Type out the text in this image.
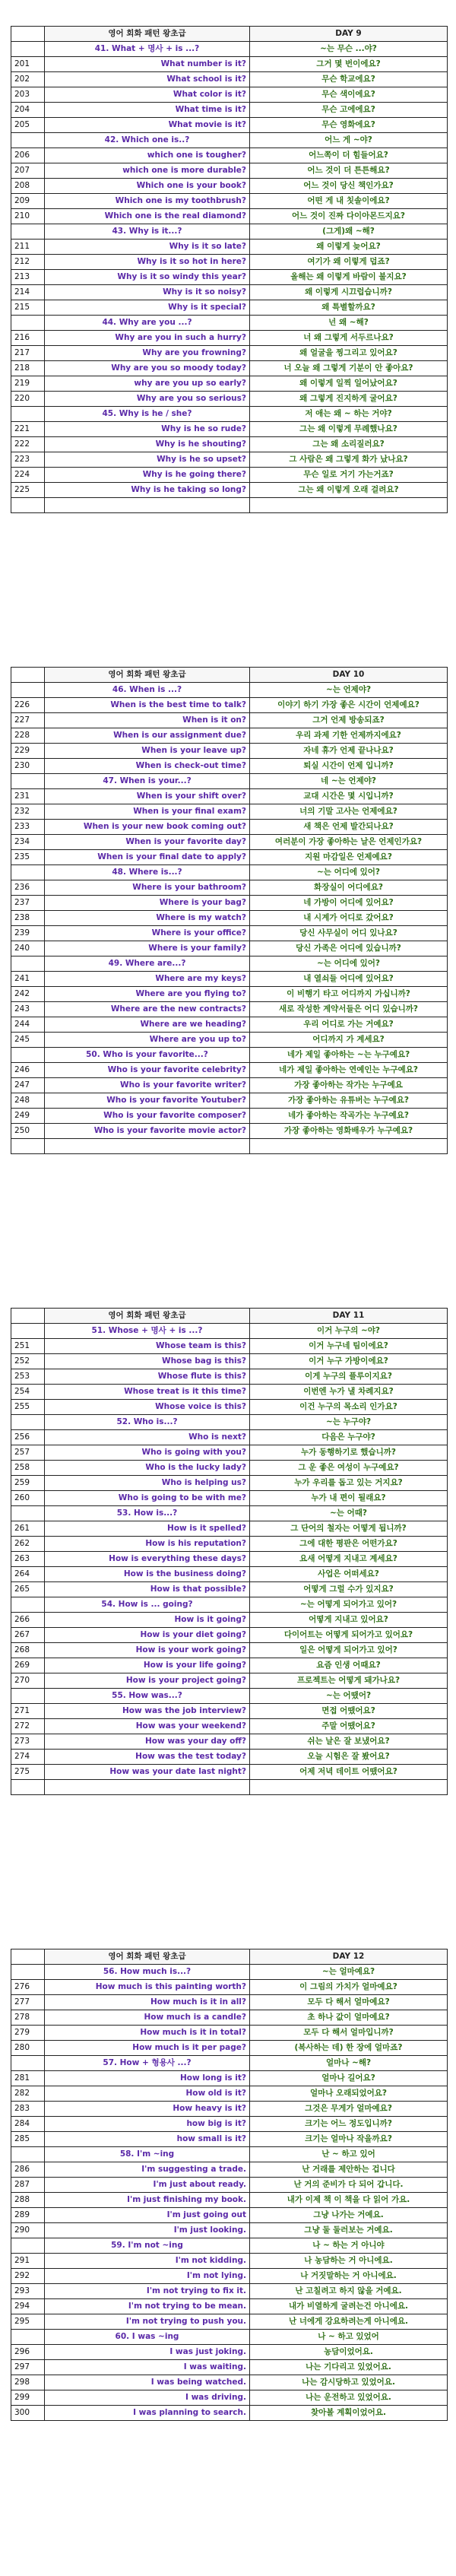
	영어 회화 패턴 왕초급	DAY 9
	41. What + 명사 + is ...?	~는 무슨 ...야?
201	What number is it?	그거 몇 번이에요?
202	What school is it?	무슨 학교에요?
203	What color is it?	무슨 색이에요?
204	What time is it?	무슨 고에에요?
205	What movie is it?	무슨 영화에요?
	42. Which one is..?	어느 게 ~야?
206	which one is tougher?	어느쪽이 더 힘들어요?
207	which one is more durable?	어느 것이 더 튼튼해요?
208	Which one is your book?	어느 것이 당신 책인가요?
209	Which one is my toothbrush?	어떤 게 내 칫솔이에요?
210	Which one is the real diamond?	어느 것이 진짜 다이아몬드지요?
	43. Why is it...?	(그게)왜 ~해?
211	Why is it so late?	왜 이렇게 늦어요?
212	Why is it so hot in here?	여기가 왜 이렇게 덥죠?
213	Why is it so windy this year?	올해는 왜 이렇게 바람이 불지요?
214	Why is it so noisy?	왜 이렇게 시끄럽습니까?
215	Why is it special?	왜 특별할까요?
	44. Why are you ...?	넌 왜 ~해?
216	Why are you in such a hurry?	너 왜 그렇게 서두르나요?
217	Why are you frowning?	왜 얼굴을 찡그리고 있어요?
218	Why are you so moody today?	너 오늘 왜 그렇게 기분이 안 좋아요?
219	why are you up so early?	왜 이렇게 일찍 일어났어요?
220	Why are you so serious?	왜 그렇게 진지하게 굴어요?
	45. Why is he / she?	저 애는 왜 ~ 하는 거야?
221	Why is he so rude?	그는 왜 이렇게 무례했나요?
222	Why is he shouting?	그는 왜 소리질러요?
223	Why is he so upset?	그 사람은 왜 그렇게 화가 났나요?
224	Why is he going there?	무슨 일로 거기 가는거죠?
225	Why is he taking so long?	그는 왜 이렇게 오래 걸려요?

	영어 회화 패턴 왕초급	DAY 10
	46. When is ...?	~는 언제야?
226	When is the best time to talk?	이야기 하기 가장 좋은 시간이 언제예요?
227	When is it on?	그거 언제 방송되죠?
228	When is our assignment due?	우리 과제 기한 언제까지에요?
229	When is your leave up?	자네 휴가 언제 끝나나요?
230	When is check-out time?	퇴실 시간이 언제 입니까?
	47. When is your...?	네 ~는 언제야?
231	When is your shift over?	교대 시간은 몇 시입니까?
232	When is your final exam?	너의 기말 고사는 언제에요?
233	When is your new book coming out?	새 책은 언제 발간되나요?
234	When is your favorite day?	여러분이 가장 좋아하는 날은 언제인가요?
235	When is your final date to apply?	지원 마감일은 언제예요?
	48. Where is...?	~는 어디에 있어?
236	Where is your bathroom?	화장실이 어디에요?
237	Where is your bag?	네 가방이 어디에 있어요?
238	Where is my watch?	내 시계가 어디로 갔어요?
239	Where is your office?	당신 사무실이 어디 있나요?
240	Where is your family?	당신 가족은 어디에 있습니까?
	49. Where are...?	~는 어디에 있어?
241	Where are my keys?	내 열쇠들 어디에 있어요?
242	Where are you flying to?	이 비행기 타고 어디까지 가십니까?
243	Where are the new contracts?	새로 작성한 계약서들은 어디 있습니까?
244	Where are we heading?	우리 어디로 가는 거예요?
245	Where are you up to?	어디까지 가 계세요?
	50. Who is your favorite...?	네가 제일 좋아하는 ~는 누구예요?
246	Who is your favorite celebrity?	네가 제일 좋아하는 연예인는 누구예요?
247	Who is your favorite writer?	가장 좋아하는 작가는 누구예요
248	Who is your favorite Youtuber?	가장 좋아하는 유튜버는 누구예요?
249	Who is your favorite composer?	네가 좋아하는 작곡가는 누구예요?
250	Who is your favorite movie actor?	가장 좋아하는 영화배우가 누구예요?

	영어 회화 패턴 왕초급	DAY 11
	51. Whose + 명사 + is ...?	이거 누구의 ~야?
251	Whose team is this?	이거 누구네 팀이에요?
252	Whose bag is this?	이거 누구 가방이에요?
253	Whose flute is this?	이게 누구의 플루이지요?
254	Whose treat is it this time?	이번엔 누가 낼 차례지요?
255	Whose voice is this?	이건 누구의 목소리 인가요?
	52. Who is...?	~는 누구야?
256	Who is next?	다음은 누구야?
257	Who is going with you?	누가 동행하기로 했습니까?
258	Who is the lucky lady?	그 운 좋은 여성이 누구예요?
259	Who is helping us?	누가 우리를 돕고 있는 거지요?
260	Who is going to be with me?	누가 내 편이 될래요?
	53. How is...?	~는 어때?
261	How is it spelled?	그 단어의 철자는 어떻게 됩니까?
262	How is his reputation?	그에 대한 평판은 어떤가요?
263	How is everything these days?	요새 어떻게 지내고 계세요?
264	How is the business doing?	사업은 어떠세요?
265	How is that possible?	어떻게 그럴 수가 있지요?
	54. How is ... going?	~는 어떻게 되어가고 있어?
266	How is it going?	어떻게 지내고 있어요?
267	How is your diet going?	다이어트는 어떻게 되어가고 있어요?
268	How is your work going?	일은 어떻게 되어가고 있어?
269	How is your life going?	요즘 인생 어때요?
270	How is your project going?	프로젝트는 어떻게 돼가나요?
	55. How was...?	~는 어땠어?
271	How was the job interview?	면접 어땠어요?
272	How was your weekend?	주말 어땠어요?
273	How was your day off?	쉬는 날은 잘 보냈어요?
274	How was the test today?	오늘 시험은 잘 봤어요?
275	How was your date last night?	어제 저녁 데이트 어땠어요?

	영어 회화 패턴 왕초급	DAY 12
	56. How much is...?	~는 얼마예요?
276	How much is this painting worth?	이 그림의 가치가 얼마예요?
277	How much is it in all?	모두 다 해서 얼마예요?
278	How much is a candle?	초 하나 값이 얼마예요?
279	How much is it in total?	모두 다 해서 얼마입니까?
280	How much is it per page?	(복사하는 데) 한 장에 얼마죠?
	57. How + 형용사 ...?	얼마나 ~해?
281	How long is it?	얼마나 길어요?
282	How old is it?	얼마나 오래되었어요?
283	How heavy is it?	그것은 무게가 얼마예요?
284	how big is it?	크기는 어느 정도입니까?
285	how small is it?	크기는 얼마나 작을까요?
	58. I'm ~ing	난 ~ 하고 있어
286	I'm suggesting a trade.	난 거래를 제안하는 겁니다
287	I'm just about ready.	난 거의 준비가 다 되어 갑니다.
288	I'm just finishing my book.	내가 이제 책 이 책을 다 읽어 가요.
289	I'm just going out	그냥 나가는 거예요.
290	I'm just looking.	그냥 둘 둘러보는 거예요.
	59. I'm not ~ing	나 ~ 하는 거 아니야
291	I'm not kidding.	나 농담하는 거 아니에요.
292	I'm not lying.	나 거짓말하는 거 아니에요.
293	I'm not trying to fix it.	난 고칠려고 하지 않을 거예요.
294	I'm not trying to be mean.	내가 비열하게 굴려는건 아니에요.
295	I'm not trying to push you.	난 너에게 강요하려는게 아니에요.
	60. I was ~ing	나 ~ 하고 있었어
296	I was just joking.	농담이었어요.
297	I was waiting.	나는 기다리고 있었어요.
298	I was being watched.	나는 감시당하고 있었어요.
299	I was driving.	나는 운전하고 있었어요.
300	I was planning to search.	찾아볼 계획이었어요.
